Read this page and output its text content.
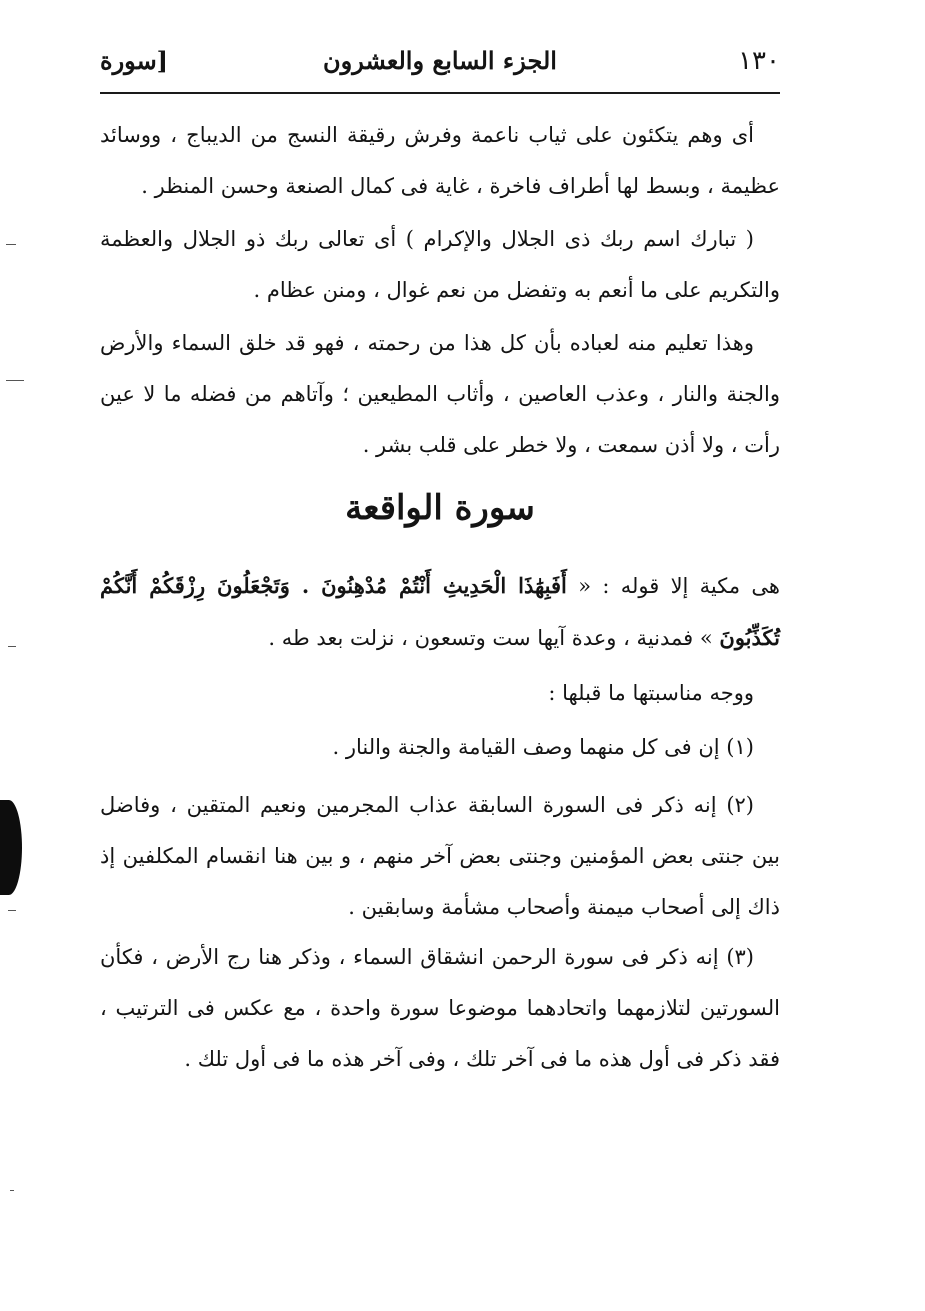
١٣٠
الجزء السابع والعشرون
[سورة

أى وهم يتكئون على ثياب ناعمة وفرش رقيقة النسج من الديباج ، ووسائد عظيمة ، وبسط لها أطراف فاخرة ، غاية فى كمال الصنعة وحسن المنظر .

( تبارك اسم ربك ذى الجلال والإكرام ) أى تعالى ربك ذو الجلال والعظمة والتكريم على ما أنعم به وتفضل من نعم غوال ، ومنن عظام .

وهذا تعليم منه لعباده بأن كل هذا من رحمته ، فهو قد خلق السماء والأرض والجنة والنار ، وعذب العاصين ، وأثاب المطيعين ؛ وآتاهم من فضله ما لا عين رأت ، ولا أذن سمعت ، ولا خطر على قلب بشر .

سورة الواقعة

هى مكية إلا قوله : « أَفَبِهَٰذَا الْحَدِيثِ أَنْتُمْ مُدْهِنُونَ . وَتَجْعَلُونَ رِزْقَكُمْ أَنَّكُمْ تُكَذِّبُونَ » فمدنية ، وعدة آيها ست وتسعون ، نزلت بعد طه .

ووجه مناسبتها ما قبلها :

(١) إن فى كل منهما وصف القيامة والجنة والنار .

(٢) إنه ذكر فى السورة السابقة عذاب المجرمين ونعيم المتقين ، وفاضل بين جنتى بعض المؤمنين وجنتى بعض آخر منهم ، و بين هنا انقسام المكلفين إذ ذاك إلى أصحاب ميمنة وأصحاب مشأمة وسابقين .

(٣) إنه ذكر فى سورة الرحمن انشقاق السماء ، وذكر هنا رج الأرض ، فكأن السورتين لتلازمهما واتحادهما موضوعا سورة واحدة ، مع عكس فى الترتيب ، فقد ذكر فى أول هذه ما فى آخر تلك ، وفى آخر هذه ما فى أول تلك .
